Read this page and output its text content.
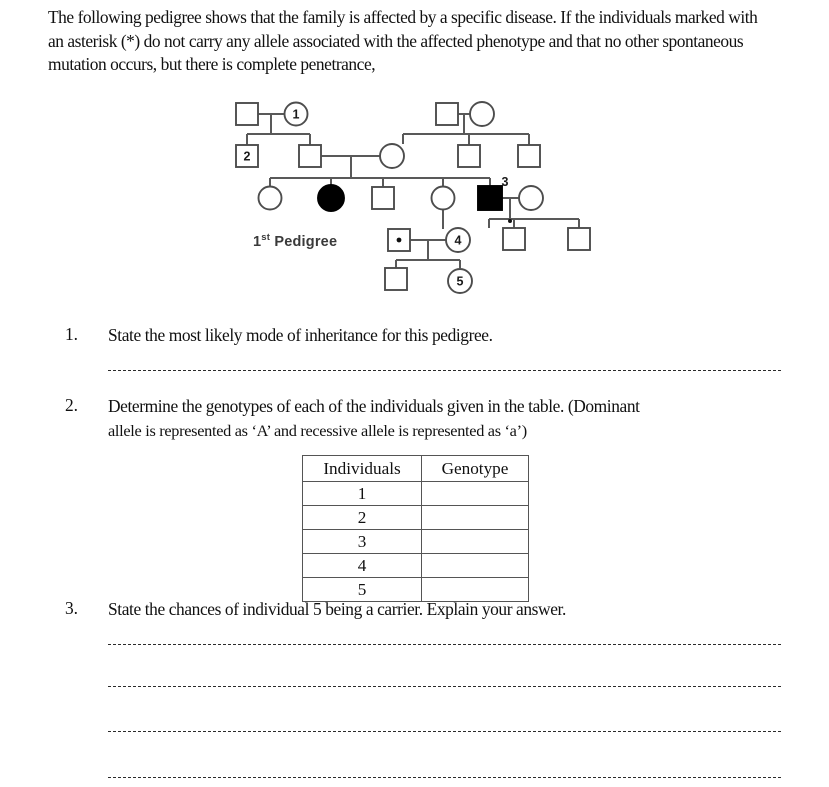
The following pedigree shows that the family is affected by a specific disease. If the individuals marked with an asterisk (*) do not carry any allele associated with the affected phenotype and that no other spontaneous mutation occurs, but there is complete penetrance,
1
2
3
4
5
1st Pedigree
1. State the most likely mode of inheritance for this pedigree.
2. Determine the genotypes of each of the individuals given in the table. (Dominant
allele is represented as ‘A’ and recessive allele is represented as ‘a’)
Individuals	Genotype
1	
2	
3	
4	
5	
3. State the chances of individual 5 being a carrier. Explain your answer.
